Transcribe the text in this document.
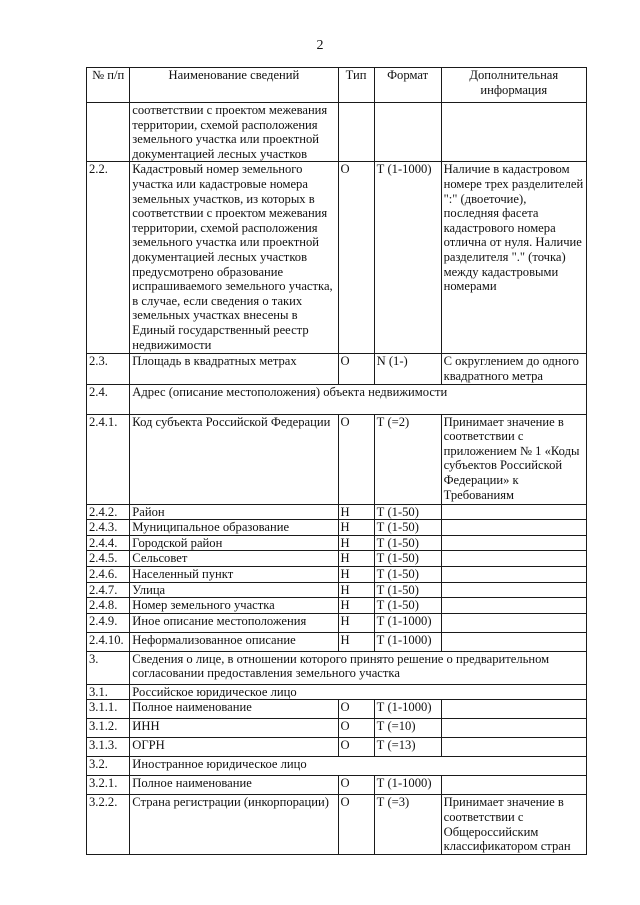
2
№ п/п	Наименование сведений	Тип	Формат	Дополнительная информация
	соответствии с проектом межевания территории, схемой расположения земельного участка или проектной документацией лесных участков			
2.2.	Кадастровый номер земельного участка или кадастровые номера земельных участков, из которых в соответствии с проектом межевания территории, схемой расположения земельного участка или проектной документацией лесных участков предусмотрено образование испрашиваемого земельного участка, в случае, если сведения о таких земельных участках внесены в Единый государственный реестр недвижимости	О	Т (1-1000)	Наличие в кадастровом номере трех разделителей ":" (двоеточие), последняя фасета кадастрового номера отлична от нуля. Наличие разделителя "." (точка) между кадастровыми номерами
2.3.	Площадь в квадратных метрах	О	N (1-)	С округлением до одного квадратного метра
2.4.	Адрес (описание местоположения) объекта недвижимости			
2.4.1.	Код субъекта Российской Федерации	О	Т (=2)	Принимает значение в соответствии с приложением № 1 «Коды субъектов Российской Федерации» к Требованиям
2.4.2.	Район	Н	Т (1-50)	
2.4.3.	Муниципальное образование	Н	Т (1-50)	
2.4.4.	Городской район	Н	Т (1-50)	
2.4.5.	Сельсовет	Н	Т (1-50)	
2.4.6.	Населенный пункт	Н	Т (1-50)	
2.4.7.	Улица	Н	Т (1-50)	
2.4.8.	Номер земельного участка	Н	Т (1-50)	
2.4.9.	Иное описание местоположения	Н	Т (1-1000)	
2.4.10.	Неформализованное описание	Н	Т (1-1000)	
3.	Сведения о лице, в отношении которого принято решение о предварительном согласовании предоставления земельного участка			
3.1.	Российское юридическое лицо			
3.1.1.	Полное наименование	О	Т (1-1000)	
3.1.2.	ИНН	О	Т (=10)	
3.1.3.	ОГРН	О	Т (=13)	
3.2.	Иностранное юридическое лицо			
3.2.1.	Полное наименование	О	Т (1-1000)	
3.2.2.	Страна регистрации (инкорпорации)	О	Т (=3)	Принимает значение в соответствии с Общероссийским классификатором стран
